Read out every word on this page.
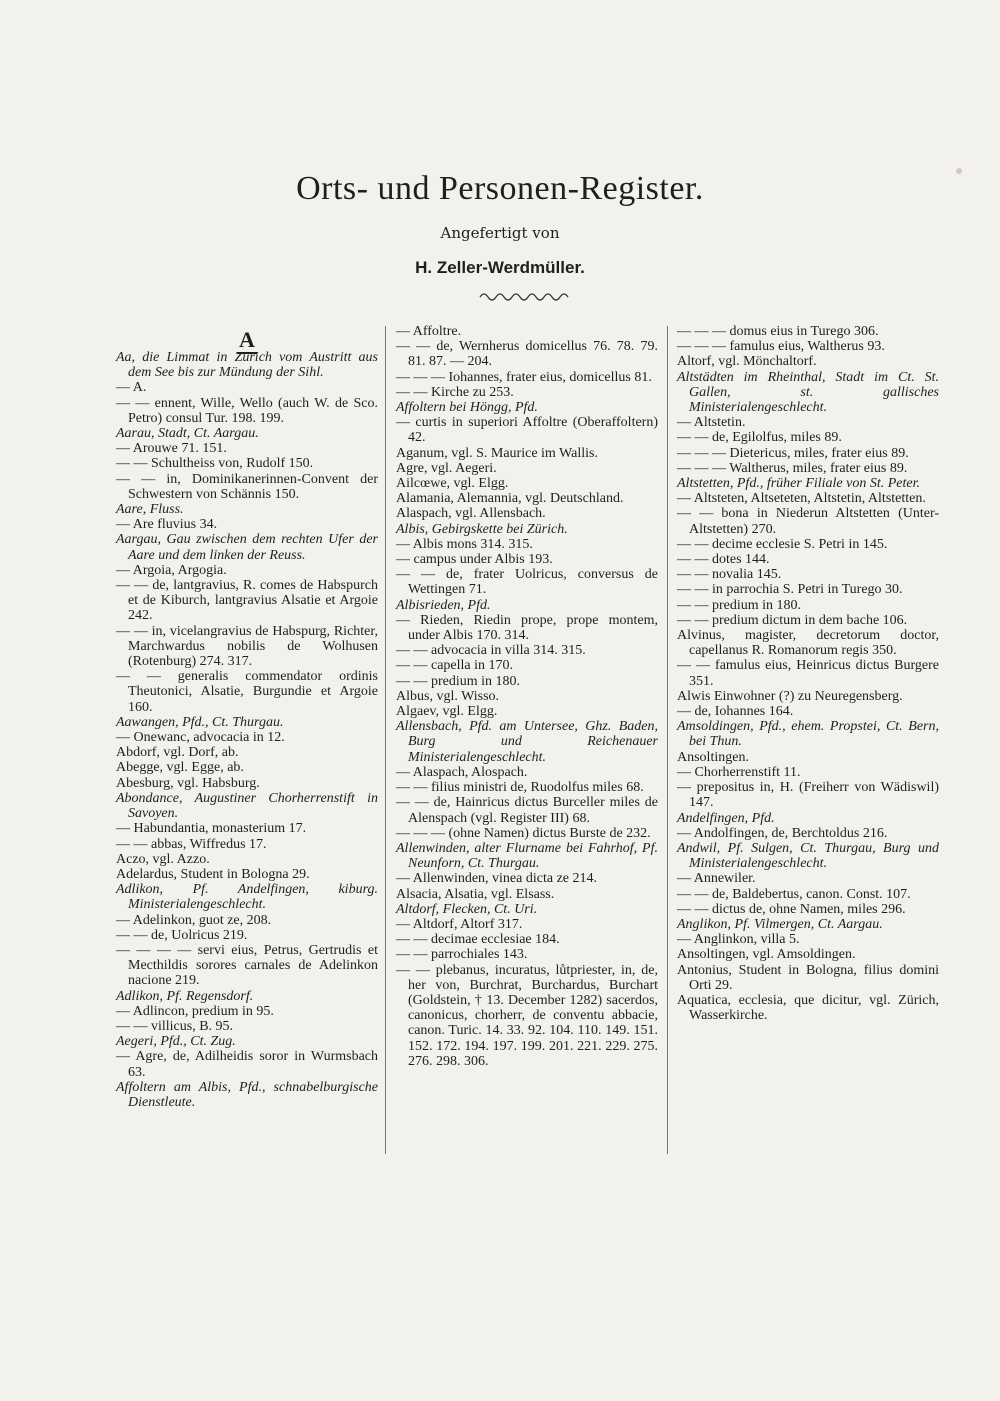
Orts- und Personen-Register.
Angefertigt von
H. Zeller-Werdmüller.
A

Aa, die Limmat in Zürich vom Austritt aus dem See bis zur Mündung der Sihl.

— A.

— — ennent, Wille, Wello (auch W. de Sco. Petro) consul Tur. 198. 199.

Aarau, Stadt, Ct. Aargau.

— Arouwe 71. 151.

— — Schultheiss von, Rudolf 150.

— — in, Dominikanerinnen-Convent der Schwestern von Schännis 150.

Aare, Fluss.

— Are fluvius 34.

Aargau, Gau zwischen dem rechten Ufer der Aare und dem linken der Reuss.

— Argoia, Argogia.

— — de, lantgravius, R. comes de Habspurch et de Kiburch, lantgravius Alsatie et Argoie 242.

— — in, vicelangravius de Habspurg, Richter, Marchwardus nobilis de Wolhusen (Rotenburg) 274. 317.

— — generalis commendator ordinis Theutonici, Alsatie, Burgundie et Argoie 160.

Aawangen, Pfd., Ct. Thurgau.

— Onewanc, advocacia in 12.

Abdorf, vgl. Dorf, ab.

Abegge, vgl. Egge, ab.

Abesburg, vgl. Habsburg.

Abondance, Augustiner Chorherrenstift in Savoyen.

— Habundantia, monasterium 17.

— — abbas, Wiffredus 17.

Aczo, vgl. Azzo.

Adelardus, Student in Bologna 29.

Adlikon, Pf. Andelfingen, kiburg. Ministerialengeschlecht.

— Adelinkon, guot ze, 208.

— — de, Uolricus 219.

— — — — servi eius, Petrus, Gertrudis et Mecthildis sorores carnales de Adelinkon nacione 219.

Adlikon, Pf. Regensdorf.

— Adlincon, predium in 95.

— — villicus, B. 95.

Aegeri, Pfd., Ct. Zug.

— Agre, de, Adilheidis soror in Wurmsbach 63.

Affoltern am Albis, Pfd., schnabelburgische Dienstleute.

— Affoltre.

— — de, Wernherus domicellus 76. 78. 79. 81. 87. — 204.

— — — Iohannes, frater eius, domicellus 81.

— — Kirche zu 253.

Affoltern bei Höngg, Pfd.

— curtis in superiori Affoltre (Oberaffoltern) 42.

Aganum, vgl. S. Maurice im Wallis.

Agre, vgl. Aegeri.

Ailcœwe, vgl. Elgg.

Alamania, Alemannia, vgl. Deutschland.

Alaspach, vgl. Allensbach.

Albis, Gebirgskette bei Zürich.

— Albis mons 314. 315.

— campus under Albis 193.

— — de, frater Uolricus, conversus de Wettingen 71.

Albisrieden, Pfd.

— Rieden, Riedin prope, prope montem, under Albis 170. 314.

— — advocacia in villa 314. 315.

— — capella in 170.

— — predium in 180.

Albus, vgl. Wisso.

Algaev, vgl. Elgg.

Allensbach, Pfd. am Untersee, Ghz. Baden, Burg und Reichenauer Ministerialengeschlecht.

— Alaspach, Alospach.

— — filius ministri de, Ruodolfus miles 68.

— — de, Hainricus dictus Burceller miles de Alenspach (vgl. Register III) 68.

— — — (ohne Namen) dictus Burste de 232.

Allenwinden, alter Flurname bei Fahrhof, Pf. Neunforn, Ct. Thurgau.

— Allenwinden, vinea dicta ze 214.

Alsacia, Alsatia, vgl. Elsass.

Altdorf, Flecken, Ct. Uri.

— Altdorf, Altorf 317.

— — decimae ecclesiae 184.

— — parrochiales 143.

— — plebanus, incuratus, lůtpriester, in, de, her von, Burchrat, Burchardus, Burchart (Goldstein, † 13. December 1282) sacerdos, canonicus, chorherr, de conventu abbacie, canon. Turic. 14. 33. 92. 104. 110. 149. 151. 152. 172. 194. 197. 199. 201. 221. 229. 275. 276. 298. 306.

— — — domus eius in Turego 306.

— — — famulus eius, Waltherus 93.

Altorf, vgl. Mönchaltorf.

Altstädten im Rheinthal, Stadt im Ct. St. Gallen, st. gallisches Ministerialengeschlecht.

— Altstetin.

— — de, Egilolfus, miles 89.

— — — Dietericus, miles, frater eius 89.

— — — Waltherus, miles, frater eius 89.

Altstetten, Pfd., früher Filiale von St. Peter.

— Altsteten, Altseteten, Altstetin, Altstetten.

— — bona in Niederun Altstetten (Unter-Altstetten) 270.

— — decime ecclesie S. Petri in 145.

— — dotes 144.

— — novalia 145.

— — in parrochia S. Petri in Turego 30.

— — predium in 180.

— — predium dictum in dem bache 106.

Alvinus, magister, decretorum doctor, capellanus R. Romanorum regis 350.

— — famulus eius, Heinricus dictus Burgere 351.

Alwis Einwohner (?) zu Neuregensberg.

— de, Iohannes 164.

Amsoldingen, Pfd., ehem. Propstei, Ct. Bern, bei Thun.

Ansoltingen.

— Chorherrenstift 11.

— prepositus in, H. (Freiherr von Wädiswil) 147.

Andelfingen, Pfd.

— Andolfingen, de, Berchtoldus 216.

Andwil, Pf. Sulgen, Ct. Thurgau, Burg und Ministerialengeschlecht.

— Annewiler.

— — de, Baldebertus, canon. Const. 107.

— — dictus de, ohne Namen, miles 296.

Anglikon, Pf. Vilmergen, Ct. Aargau.

— Anglinkon, villa 5.

Ansoltingen, vgl. Amsoldingen.

Antonius, Student in Bologna, filius domini Orti 29.

Aquatica, ecclesia, que dicitur, vgl. Zürich, Wasserkirche.
